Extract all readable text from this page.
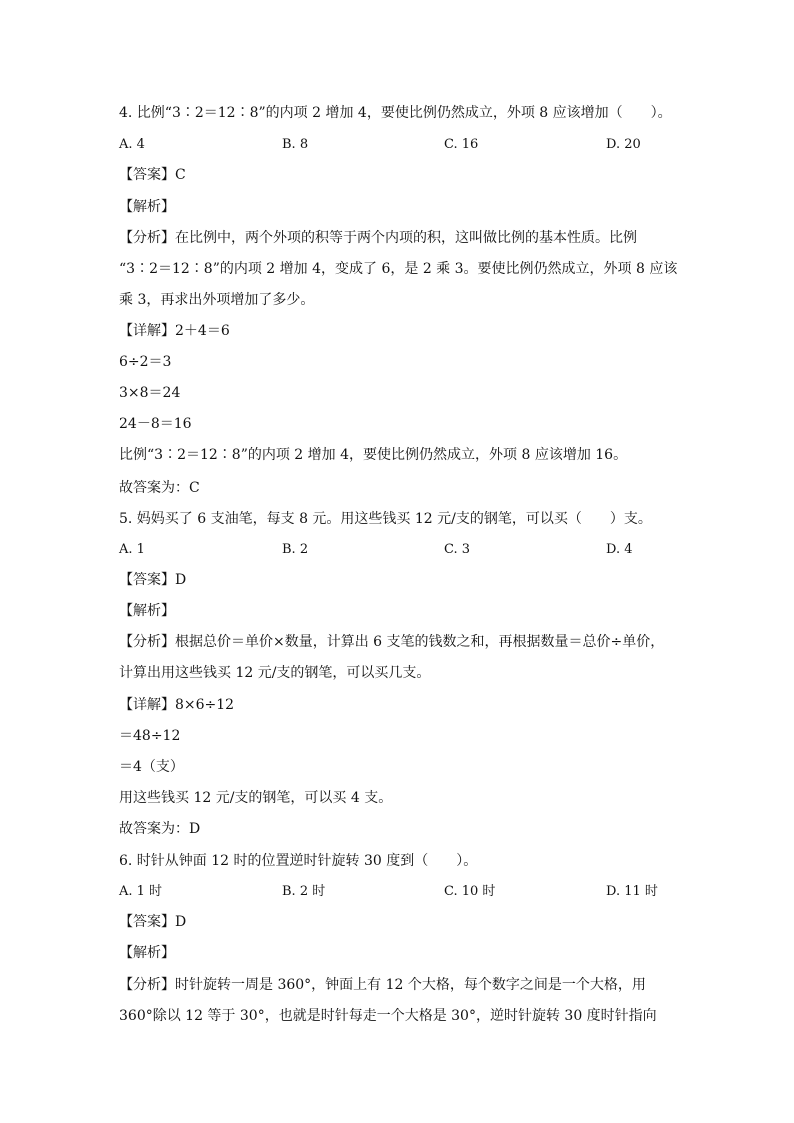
4. 比例“3∶2＝12∶8”的内项 2 增加 4，要使比例仍然成立，外项 8 应该增加（　　）。
A. 4	B. 8	C. 16	D. 20
【答案】C
【解析】
【分析】在比例中，两个外项的积等于两个内项的积，这叫做比例的基本性质。比例
“3∶2＝12∶8”的内项 2 增加 4，变成了 6，是 2 乘 3。要使比例仍然成立，外项 8 应该
乘 3，再求出外项增加了多少。
【详解】2＋4＝6
6÷2＝3
3×8＝24
24－8＝16
比例“3∶2＝12∶8”的内项 2 增加 4，要使比例仍然成立，外项 8 应该增加 16。
故答案为：C
5. 妈妈买了 6 支油笔，每支 8 元。用这些钱买 12 元/支的钢笔，可以买（　　）支。
A. 1	B. 2	C. 3	D. 4
【答案】D
【解析】
【分析】根据总价＝单价×数量，计算出 6 支笔的钱数之和，再根据数量＝总价÷单价，
计算出用这些钱买 12 元/支的钢笔，可以买几支。
【详解】8×6÷12
＝48÷12
＝4（支）
用这些钱买 12 元/支的钢笔，可以买 4 支。
故答案为：D
6. 时针从钟面 12 时的位置逆时针旋转 30 度到（　　）。
A. 1 时	B. 2 时	C. 10 时	D. 11 时
【答案】D
【解析】
【分析】时针旋转一周是 360°，钟面上有 12 个大格，每个数字之间是一个大格，用
360°除以 12 等于 30°，也就是时针每走一个大格是 30°，逆时针旋转 30 度时针指向
